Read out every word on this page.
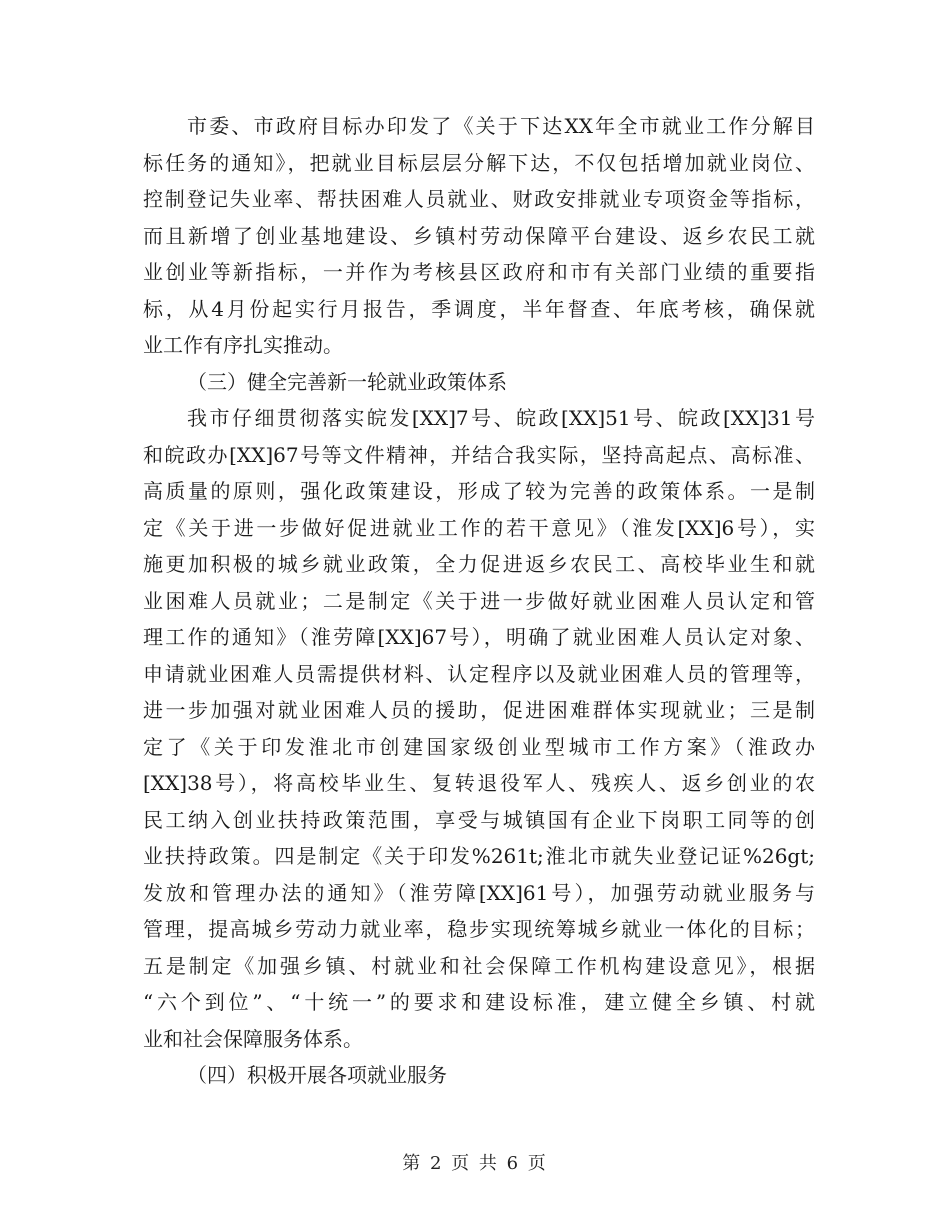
市委、市政府目标办印发了《关于下达XX年全市就业工作分解目
标任务的通知》，把就业目标层层分解下达，不仅包括增加就业岗位、
控制登记失业率、帮扶困难人员就业、财政安排就业专项资金等指标，
而且新增了创业基地建设、乡镇村劳动保障平台建设、返乡农民工就
业创业等新指标，一并作为考核县区政府和市有关部门业绩的重要指
标，从4月份起实行月报告，季调度，半年督查、年底考核，确保就
业工作有序扎实推动。
（三）健全完善新一轮就业政策体系
我市仔细贯彻落实皖发[XX]7号、皖政[XX]51号、皖政[XX]31号
和皖政办[XX]67号等文件精神，并结合我实际，坚持高起点、高标准、
高质量的原则，强化政策建设，形成了较为完善的政策体系。一是制
定《关于进一步做好促进就业工作的若干意见》（淮发[XX]6号），实
施更加积极的城乡就业政策，全力促进返乡农民工、高校毕业生和就
业困难人员就业；二是制定《关于进一步做好就业困难人员认定和管
理工作的通知》（淮劳障[XX]67号），明确了就业困难人员认定对象、
申请就业困难人员需提供材料、认定程序以及就业困难人员的管理等，
进一步加强对就业困难人员的援助，促进困难群体实现就业；三是制
定了《关于印发淮北市创建国家级创业型城市工作方案》（淮政办
[XX]38号），将高校毕业生、复转退役军人、残疾人、返乡创业的农
民工纳入创业扶持政策范围，享受与城镇国有企业下岗职工同等的创
业扶持政策。四是制定《关于印发%261t;淮北市就失业登记证%26gt;
发放和管理办法的通知》（淮劳障[XX]61号），加强劳动就业服务与
管理，提高城乡劳动力就业率，稳步实现统筹城乡就业一体化的目标；
五是制定《加强乡镇、村就业和社会保障工作机构建设意见》，根据
“六个到位”、“十统一”的要求和建设标准，建立健全乡镇、村就
业和社会保障服务体系。
（四）积极开展各项就业服务
第 2 页 共 6 页
